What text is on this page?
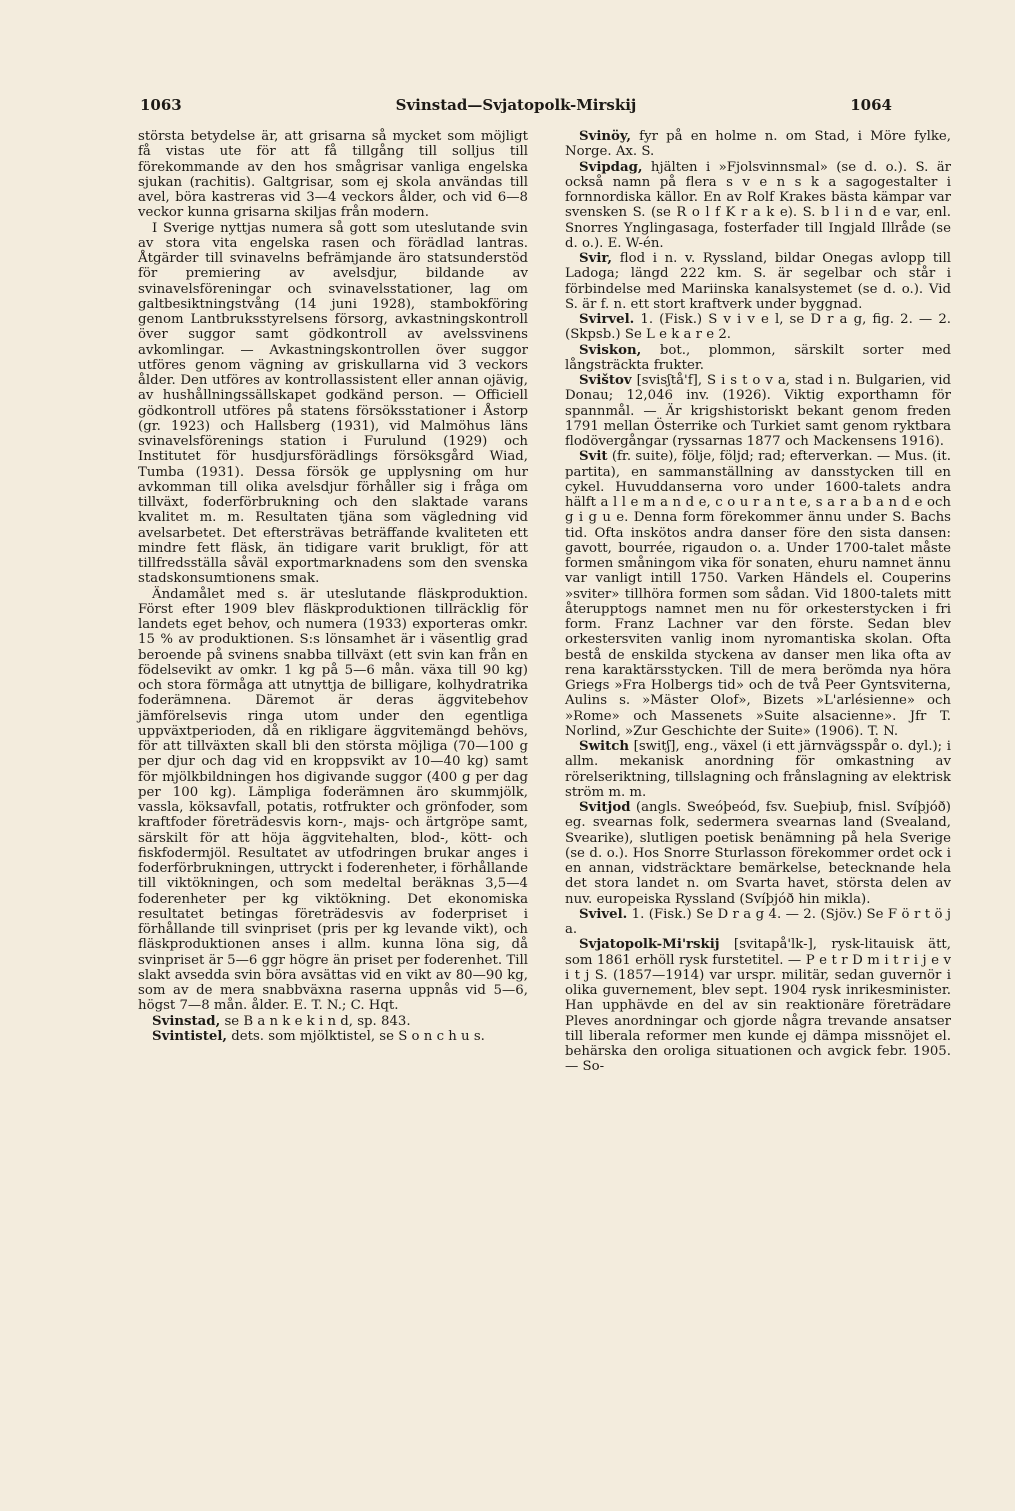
1063	Svinstad—Svjatopolk-Mirskij	1064

största betydelse är, att grisarna så mycket som möjligt få vistas ute för att få tillgång till solljus till förekommande av den hos smågrisar vanliga engelska sjukan (rachitis). Galtgrisar, som ej skola användas till avel, böra kastreras vid 3—4 veckors ålder, och vid 6—8 veckor kunna grisarna skiljas från modern.

I Sverige nyttjas numera så gott som uteslutande svin av stora vita engelska rasen och förädlad lantras. Åtgärder till svinavelns befrämjande äro statsunderstöd för premiering av avelsdjur, bildande av svinavelsföreningar och svinavelsstationer, lag om galtbesiktningstvång (14 juni 1928), stambokföring genom Lantbruksstyrelsens försorg, avkastningskontroll över suggor samt gödkontroll av avelssvinens avkomlingar. — Avkastningskontrollen över suggor utföres genom vägning av griskullarna vid 3 veckors ålder. Den utföres av kontrollassistent eller annan ojävig, av hushållningssällskapet godkänd person. — Officiell gödkontroll utföres på statens försöksstationer i Åstorp (gr. 1923) och Hallsberg (1931), vid Malmöhus läns svinavelsförenings station i Furulund (1929) och Institutet för husdjursförädlings försöksgård Wiad, Tumba (1931). Dessa försök ge upplysning om hur avkomman till olika avelsdjur förhåller sig i fråga om tillväxt, foderförbrukning och den slaktade varans kvalitet m. m. Resultaten tjäna som vägledning vid avelsarbetet. Det eftersträvas beträffande kvaliteten ett mindre fett fläsk, än tidigare varit brukligt, för att tillfredsställa såväl exportmarknadens som den svenska stadskonsumtionens smak.

Ändamålet med s. är uteslutande fläskproduktion. Först efter 1909 blev fläskproduktionen tillräcklig för landets eget behov, och numera (1933) exporteras omkr. 15 % av produktionen. S:s lönsamhet är i väsentlig grad beroende på svinens snabba tillväxt (ett svin kan från en födelsevikt av omkr. 1 kg på 5—6 mån. växa till 90 kg) och stora förmåga att utnyttja de billigare, kolhydratrika foderämnena. Däremot är deras äggvitebehov jämförelsevis ringa utom under den egentliga uppväxtperioden, då en rikligare äggvitemängd behövs, för att tillväxten skall bli den största möjliga (70—100 g per djur och dag vid en kroppsvikt av 10—40 kg) samt för mjölkbildningen hos digivande suggor (400 g per dag per 100 kg). Lämpliga foderämnen äro skummjölk, vassla, köksavfall, potatis, rotfrukter och grönfoder, som kraftfoder företrädesvis korn-, majs- och ärtgröpe samt, särskilt för att höja äggvitehalten, blod-, kött- och fiskfodermjöl. Resultatet av utfodringen brukar anges i foderförbrukningen, uttryckt i foderenheter, i förhållande till viktökningen, och som medeltal beräknas 3,5—4 foderenheter per kg viktökning. Det ekonomiska resultatet betingas företrädesvis av foderpriset i förhållande till svinpriset (pris per kg levande vikt), och fläskproduktionen anses i allm. kunna löna sig, då svinpriset är 5—6 ggr högre än priset per foderenhet. Till slakt avsedda svin böra avsättas vid en vikt av 80—90 kg, som av de mera snabbväxna raserna uppnås vid 5—6, högst 7—8 mån. ålder. E. T. N.; C. Hqt.

Svinstad, se B a n k e k i n d, sp. 843.

Svintistel, dets. som mjölktistel, se S o n c h u s.

Svinöy, fyr på en holme n. om Stad, i Möre fylke, Norge. Ax. S.

Svipdag, hjälten i »Fjolsvinnsmal» (se d. o.). S. är också namn på flera s v e n s k a sagogestalter i fornnordiska källor. En av Rolf Krakes bästa kämpar var svensken S. (se R o l f K r a k e). S. b l i n d e var, enl. Snorres Ynglingasaga, fosterfader till Ingjald Illråde (se d. o.). E. W-én.

Svir, flod i n. v. Ryssland, bildar Onegas avlopp till Ladoga; längd 222 km. S. är segelbar och står i förbindelse med Mariinska kanalsystemet (se d. o.). Vid S. är f. n. ett stort kraftverk under byggnad.

Svirvel. 1. (Fisk.) S v i v e l, se D r a g, fig. 2. — 2. (Skpsb.) Se L e k a r e 2.

Sviskon, bot., plommon, särskilt sorter med långsträckta frukter.

Svištov [svisʃtå'f], S i s t o v a, stad i n. Bulgarien, vid Donau; 12,046 inv. (1926). Viktig exporthamn för spannmål. — Är krigshistoriskt bekant genom freden 1791 mellan Österrike och Turkiet samt genom ryktbara flodövergångar (ryssarnas 1877 och Mackensens 1916).

Svit (fr. suite), följe, följd; rad; efterverkan. — Mus. (it. partita), en sammanställning av dansstycken till en cykel. Huvuddanserna voro under 1600-talets andra hälft a l l e m a n d e, c o u r a n t e, s a r a b a n d e och g i g u e. Denna form förekommer ännu under S. Bachs tid. Ofta inskötos andra danser före den sista dansen: gavott, bourrée, rigaudon o. a. Under 1700-talet måste formen småningom vika för sonaten, ehuru namnet ännu var vanligt intill 1750. Varken Händels el. Couperins »sviter» tillhöra formen som sådan. Vid 1800-talets mitt återupptogs namnet men nu för orkesterstycken i fri form. Franz Lachner var den förste. Sedan blev orkestersviten vanlig inom nyromantiska skolan. Ofta bestå de enskilda styckena av danser men lika ofta av rena karaktärsstycken. Till de mera berömda nya höra Griegs »Fra Holbergs tid» och de två Peer Gyntsviterna, Aulins s. »Mäster Olof», Bizets »L'arlésienne» och »Rome» och Massenets »Suite alsacienne». Jfr T. Norlind, »Zur Geschichte der Suite» (1906). T. N.

Switch [switʃ], eng., växel (i ett järnvägsspår o. dyl.); i allm. mekanisk anordning för omkastning av rörelseriktning, tillslagning och frånslagning av elektrisk ström m. m.

Svitjod (angls. Sweóþeód, fsv. Sueþiuþ, fnisl. Svíþjóð) eg. svearnas folk, sedermera svearnas land (Svealand, Svearike), slutligen poetisk benämning på hela Sverige (se d. o.). Hos Snorre Sturlasson förekommer ordet ock i en annan, vidsträcktare bemärkelse, betecknande hela det stora landet n. om Svarta havet, största delen av nuv. europeiska Ryssland (Svíþjóð hin mikla).

Svivel. 1. (Fisk.) Se D r a g 4. — 2. (Sjöv.) Se F ö r t ö j a.

Svjatopolk-Mi'rskij [svitapå'lk-], rysk-litauisk ätt, som 1861 erhöll rysk furstetitel. — P e t r D m i t r i j e v i t j S. (1857—1914) var urspr. militär, sedan guvernör i olika guvernement, blev sept. 1904 rysk inrikesminister. Han upphävde en del av sin reaktionäre företrädare Pleves anordningar och gjorde några trevande ansatser till liberala reformer men kunde ej dämpa missnöjet el. behärska den oroliga situationen och avgick febr. 1905. — So-
